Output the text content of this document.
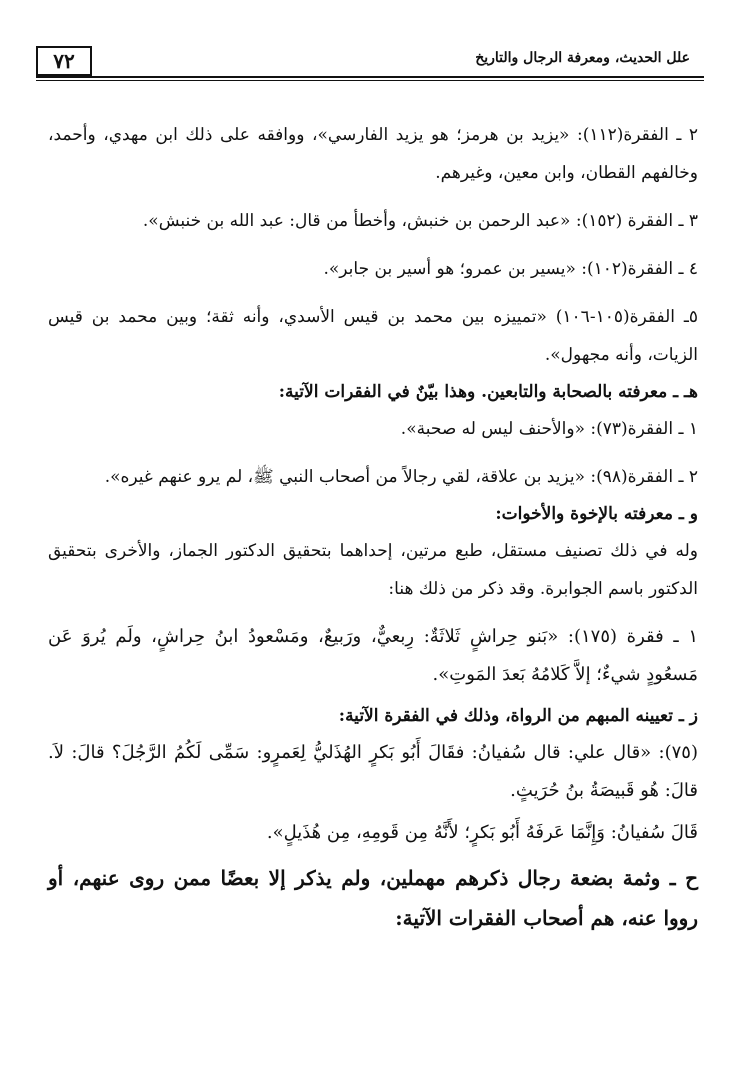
٧٢	علل الحديث، ومعرفة الرجال والتاريخ

٢ ـ الفقرة(١١٢): «يزيد بن هرمز؛ هو يزيد الفارسي»، ووافقه على ذلك ابن مهدي، وأحمد، وخالفهم القطان، وابن معين، وغيرهم.

٣ ـ الفقرة (١٥٢): «عبد الرحمن بن خنبش، وأخطأ من قال: عبد الله بن خنبش».

٤ ـ الفقرة(١٠٢): «يسير بن عمرو؛ هو أسير بن جابر».

٥ـ الفقرة(١٠٥-١٠٦) «تمييزه بين محمد بن قيس الأسدي، وأنه ثقة؛ وبين محمد بن قيس الزيات، وأنه مجهول».

هـ ـ معرفته بالصحابة والتابعين. وهذا بيّنٌ في الفقرات الآتية:

١ ـ الفقرة(٧٣): «والأحنف ليس له صحبة».

٢ ـ الفقرة(٩٨): «يزيد بن علاقة، لقي رجالاً من أصحاب النبي ﷺ، لم يرو عنهم غيره».

و ـ معرفته بالإخوة والأخوات:

وله في ذلك تصنيف مستقل، طبع مرتين، إحداهما بتحقيق الدكتور الجماز، والأخرى بتحقيق الدكتور باسم الجوابرة. وقد ذكر من ذلك هنا:

١ ـ فقرة (١٧٥): «بَنو حِراشٍ ثَلاثَةٌ: رِبعيٌّ، ورَبيعٌ، ومَسْعودُ ابنُ حِراشٍ، ولَم يُروَ عَن مَسعُودٍ شيءٌ؛ إلاَّ كَلامُهُ بَعدَ المَوتِ».

ز ـ تعيينه المبهم من الرواة، وذلك في الفقرة الآتية:

(٧٥): «قال علي: قال سُفيانُ: فقَالَ أَبُو بَكرٍ الهُذَليُّ لِعَمرٍو: سَمِّى لَكُمُ الرَّجُلَ؟ قالَ: لاَ. قالَ: هُو قَبيصَةُ بنُ حُرَيثٍ.

قَالَ سُفيانُ: وَإِنَّمَا عَرفَهُ أَبُو بَكرٍ؛ لأَنَّهُ مِن قَومِهِ، مِن هُذَيلٍ».

ح ـ وثمة بضعة رجال ذكرهم مهملين، ولم يذكر إلا بعضًا ممن روى عنهم، أو رووا عنه، هم أصحاب الفقرات الآتية:
